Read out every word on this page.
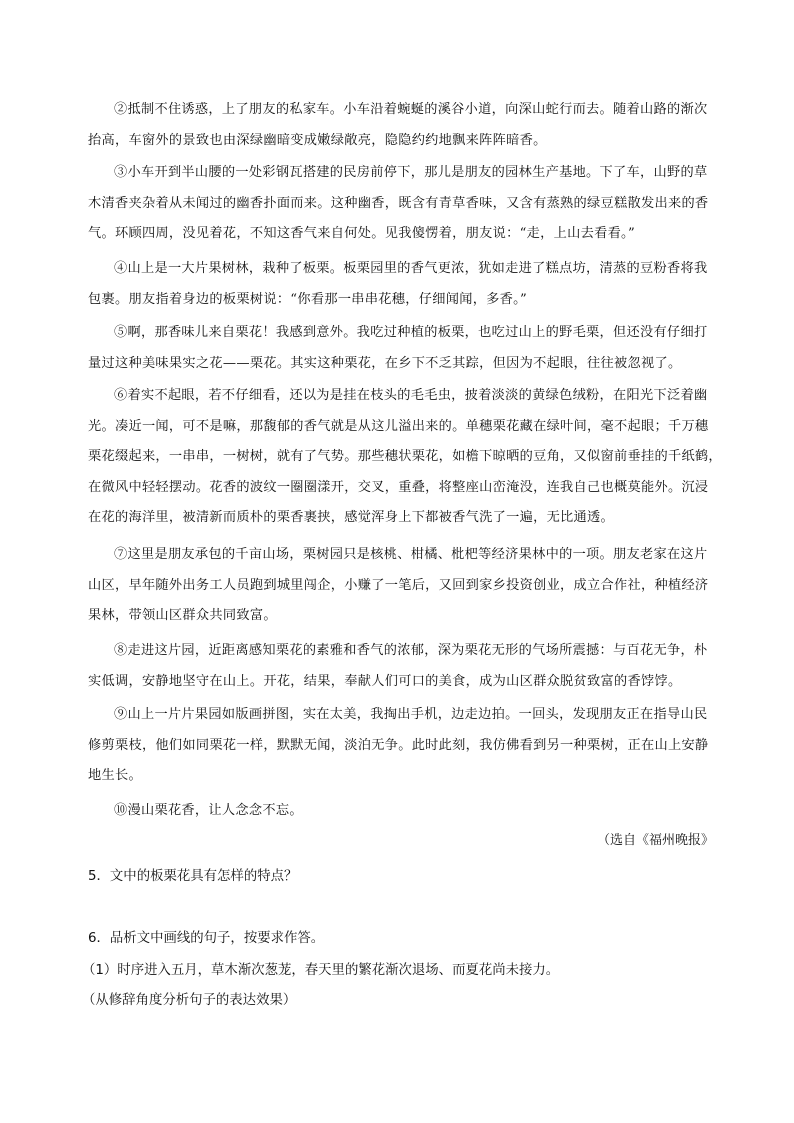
②抵制不住诱惑，上了朋友的私家车。小车沿着蜿蜒的溪谷小道，向深山蛇行而去。随着山路的渐次
抬高，车窗外的景致也由深绿幽暗变成嫩绿敞亮，隐隐约约地飘来阵阵暗香。
③小车开到半山腰的一处彩钢瓦搭建的民房前停下，那儿是朋友的园林生产基地。下了车，山野的草
木清香夹杂着从未闻过的幽香扑面而来。这种幽香，既含有青草香味，又含有蒸熟的绿豆糕散发出来的香
气。环顾四周，没见着花，不知这香气来自何处。见我傻愣着，朋友说：“走，上山去看看。”
④山上是一大片果树林，栽种了板栗。板栗园里的香气更浓，犹如走进了糕点坊，清蒸的豆粉香将我
包裹。朋友指着身边的板栗树说：“你看那一串串花穗，仔细闻闻，多香。”
⑤啊，那香味儿来自栗花！我感到意外。我吃过种植的板栗，也吃过山上的野毛栗，但还没有仔细打
量过这种美味果实之花——栗花。其实这种栗花，在乡下不乏其踪，但因为不起眼，往往被忽视了。
⑥着实不起眼，若不仔细看，还以为是挂在枝头的毛毛虫，披着淡淡的黄绿色绒粉，在阳光下泛着幽
光。凑近一闻，可不是嘛，那馥郁的香气就是从这儿溢出来的。单穗栗花藏在绿叶间，毫不起眼；千万穗
栗花缀起来，一串串，一树树，就有了气势。那些穗状栗花，如檐下晾晒的豆角，又似窗前垂挂的千纸鹤，
在微风中轻轻摆动。花香的波纹一圈圈漾开，交叉，重叠，将整座山峦淹没，连我自己也概莫能外。沉浸
在花的海洋里，被清新而质朴的栗香裹挟，感觉浑身上下都被香气洗了一遍，无比通透。
⑦这里是朋友承包的千亩山场，栗树园只是核桃、柑橘、枇杷等经济果林中的一项。朋友老家在这片
山区，早年随外出务工人员跑到城里闯企，小赚了一笔后，又回到家乡投资创业，成立合作社，种植经济
果林，带领山区群众共同致富。
⑧走进这片园，近距离感知栗花的素雅和香气的浓郁，深为栗花无形的气场所震撼：与百花无争，朴
实低调，安静地坚守在山上。开花，结果，奉献人们可口的美食，成为山区群众脱贫致富的香饽饽。
⑨山上一片片果园如版画拼图，实在太美，我掏出手机，边走边拍。一回头，发现朋友正在指导山民
修剪栗枝，他们如同栗花一样，默默无闻，淡泊无争。此时此刻，我仿佛看到另一种栗树，正在山上安静
地生长。
⑩漫山栗花香，让人念念不忘。
（选自《福州晚报》
5．文中的板栗花具有怎样的特点？
6．品析文中画线的句子，按要求作答。
（1）时序进入五月，草木渐次葱茏，春天里的繁花渐次退场、而夏花尚未接力。
（从修辞角度分析句子的表达效果）
